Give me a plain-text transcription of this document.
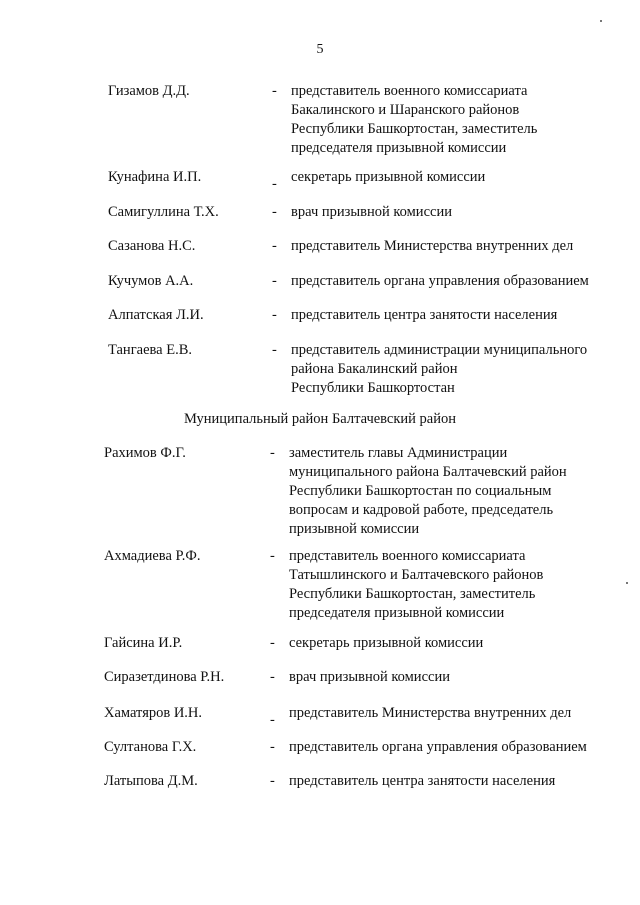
5
Гизамов Д.Д.	- представитель военного комиссариата
Бакалинского и Шаранского районов
Республики Башкортостан, заместитель
председателя призывной комиссии
Кунафина И.П.	- секретарь призывной комиссии
Самигуллина Т.Х.	- врач призывной комиссии
Сазанова Н.С.	- представитель Министерства внутренних дел
Кучумов А.А.	- представитель органа управления образованием
Алпатская Л.И.	- представитель центра занятости населения
Тангаева Е.В.	- представитель администрации муниципального
района Бакалинский район
Республики Башкортостан
Муниципальный район Балтачевский район
Рахимов Ф.Г.	- заместитель главы Администрации
муниципального района Балтачевский район
Республики Башкортостан по социальным
вопросам и кадровой работе, председатель
призывной комиссии
Ахмадиева Р.Ф.	- представитель военного комиссариата
Татышлинского и Балтачевского районов
Республики Башкортостан, заместитель
председателя призывной комиссии
Гайсина И.Р.	- секретарь призывной комиссии
Сиразетдинова Р.Н.	- врач призывной комиссии
Хаматяров И.Н.	- представитель Министерства внутренних дел
Султанова Г.Х.	- представитель органа управления образованием
Латыпова Д.М.	- представитель центра занятости населения
